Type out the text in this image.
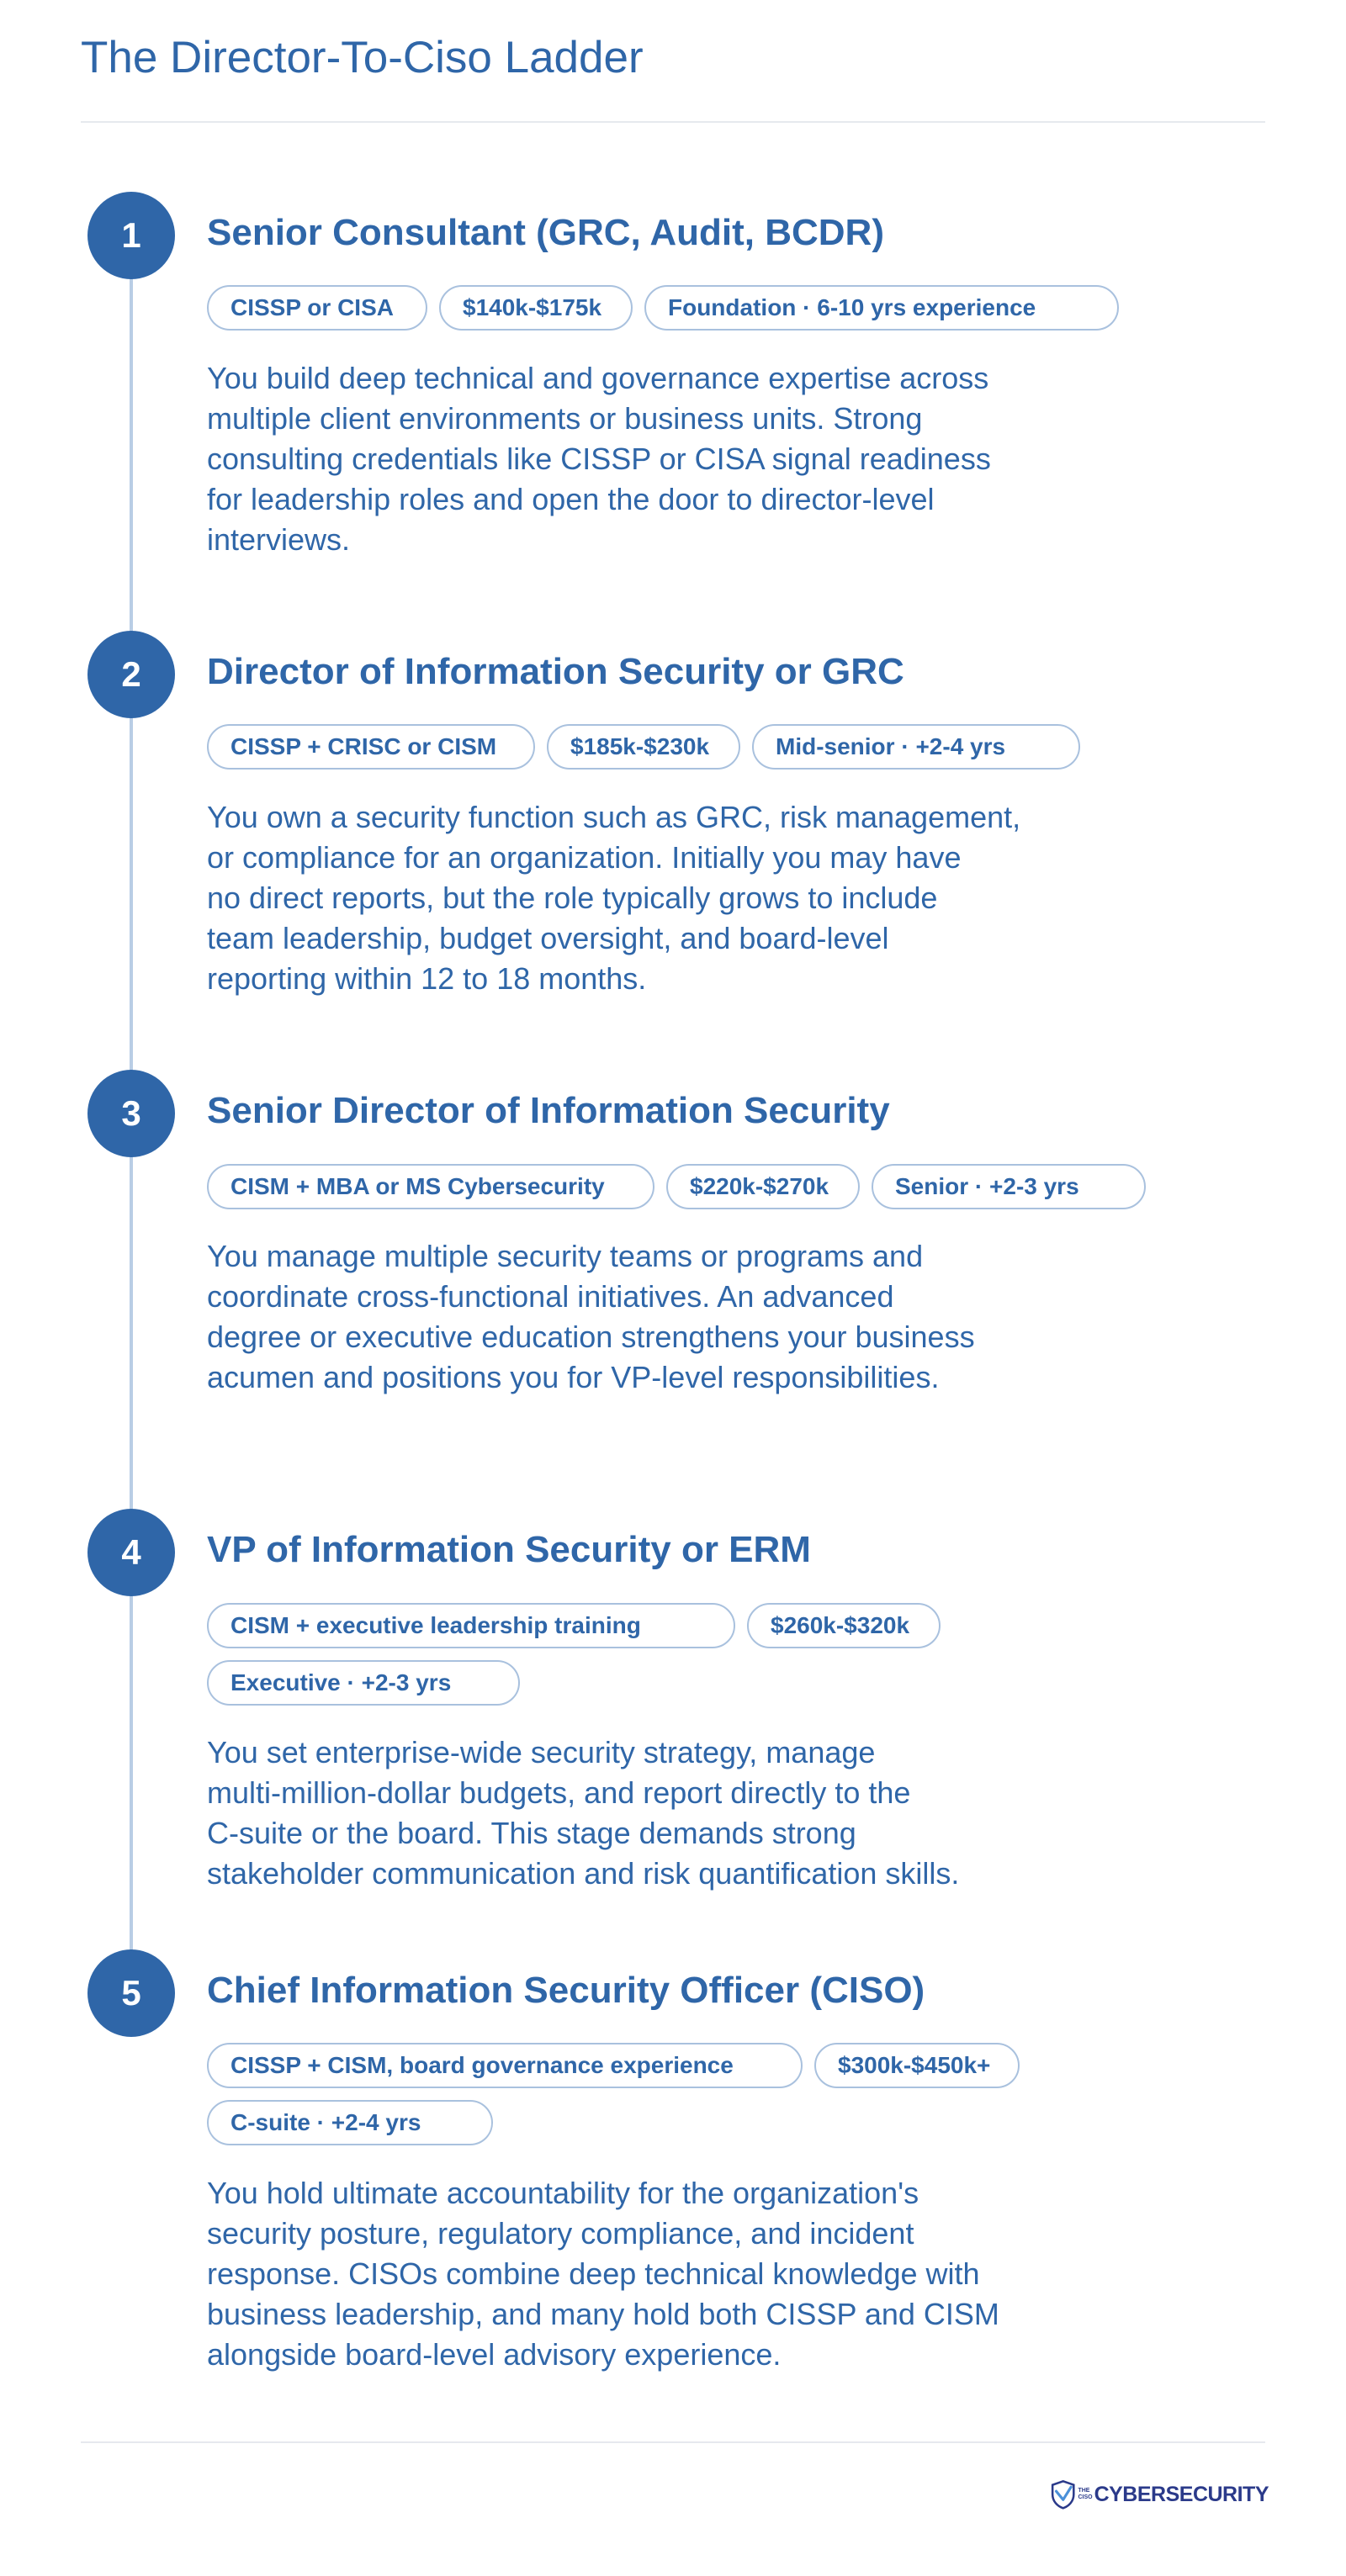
The Director-To-Ciso Ladder
1	Senior Consultant (GRC, Audit, BCDR)
CISSP or CISA	$140k-$175k	Foundation · 6-10 yrs experience
You build deep technical and governance expertise across
multiple client environments or business units. Strong
consulting credentials like CISSP or CISA signal readiness
for leadership roles and open the door to director-level
interviews.
2	Director of Information Security or GRC
CISSP + CRISC or CISM	$185k-$230k	Mid-senior · +2-4 yrs
You own a security function such as GRC, risk management,
or compliance for an organization. Initially you may have
no direct reports, but the role typically grows to include
team leadership, budget oversight, and board-level
reporting within 12 to 18 months.
3	Senior Director of Information Security
CISM + MBA or MS Cybersecurity	$220k-$270k	Senior · +2-3 yrs
You manage multiple security teams or programs and
coordinate cross-functional initiatives. An advanced
degree or executive education strengthens your business
acumen and positions you for VP-level responsibilities.
4	VP of Information Security or ERM
CISM + executive leadership training	$260k-$320k
Executive · +2-3 yrs
You set enterprise-wide security strategy, manage
multi-million-dollar budgets, and report directly to the
C-suite or the board. This stage demands strong
stakeholder communication and risk quantification skills.
5	Chief Information Security Officer (CISO)
CISSP + CISM, board governance experience	$300k-$450k+
C-suite · +2-4 yrs
You hold ultimate accountability for the organization's
security posture, regulatory compliance, and incident
response. CISOs combine deep technical knowledge with
business leadership, and many hold both CISSP and CISM
alongside board-level advisory experience.
THE
CISO CYBERSECURITY
